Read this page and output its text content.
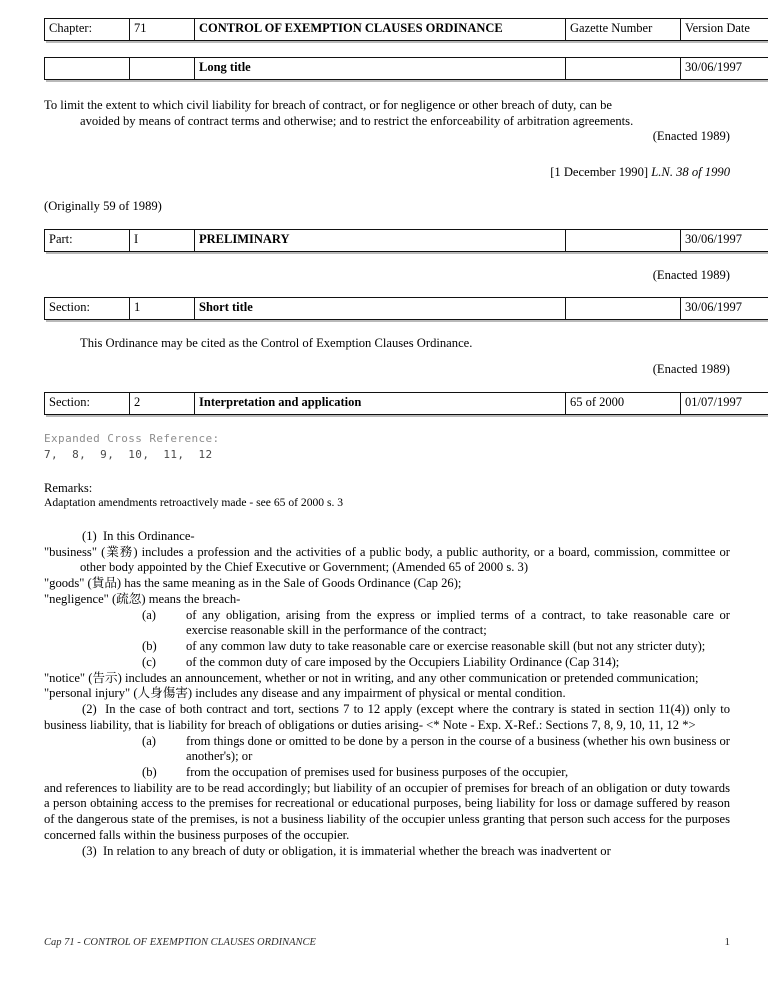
Chapter:	71	CONTROL OF EXEMPTION CLAUSES ORDINANCE	Gazette Number	Version Date
		Long title		30/06/1997
To limit the extent to which civil liability for breach of contract, or for negligence or other breach of duty, can be
avoided by means of contract terms and otherwise; and to restrict the enforceability of arbitration agreements.
(Enacted 1989)
[1 December 1990] L.N. 38 of 1990
(Originally 59 of 1989)
Part:	I	PRELIMINARY		30/06/1997
(Enacted 1989)
Section:	1	Short title		30/06/1997
This Ordinance may be cited as the Control of Exemption Clauses Ordinance.
(Enacted 1989)
Section:	2	Interpretation and application	65 of 2000	01/07/1997
Expanded Cross Reference:
7,  8,  9,  10,  11,  12
Remarks:
Adaptation amendments retroactively made - see 65 of 2000 s. 3
(1) In this Ordinance-
"business" (業務) includes a profession and the activities of a public body, a public authority, or a board, commission, committee or other body appointed by the Chief Executive or Government; (Amended 65 of 2000 s. 3)
"goods" (貨品) has the same meaning as in the Sale of Goods Ordinance (Cap 26);
"negligence" (疏忽) means the breach-
(a)	of any obligation, arising from the express or implied terms of a contract, to take reasonable care or exercise reasonable skill in the performance of the contract;
(b)	of any common law duty to take reasonable care or exercise reasonable skill (but not any stricter duty);
(c)	of the common duty of care imposed by the Occupiers Liability Ordinance (Cap 314);
"notice" (告示) includes an announcement, whether or not in writing, and any other communication or pretended communication;
"personal injury" (人身傷害) includes any disease and any impairment of physical or mental condition.
(2) In the case of both contract and tort, sections 7 to 12 apply (except where the contrary is stated in section 11(4)) only to business liability, that is liability for breach of obligations or duties arising- <* Note - Exp. X-Ref.: Sections 7, 8, 9, 10, 11, 12 *>
(a)	from things done or omitted to be done by a person in the course of a business (whether his own business or another's); or
(b)	from the occupation of premises used for business purposes of the occupier,
and references to liability are to be read accordingly; but liability of an occupier of premises for breach of an obligation or duty towards a person obtaining access to the premises for recreational or educational purposes, being liability for loss or damage suffered by reason of the dangerous state of the premises, is not a business liability of the occupier unless granting that person such access for the purposes concerned falls within the business purposes of the occupier.
(3) In relation to any breach of duty or obligation, it is immaterial whether the breach was inadvertent or
Cap 71 - CONTROL OF EXEMPTION CLAUSES ORDINANCE	1
